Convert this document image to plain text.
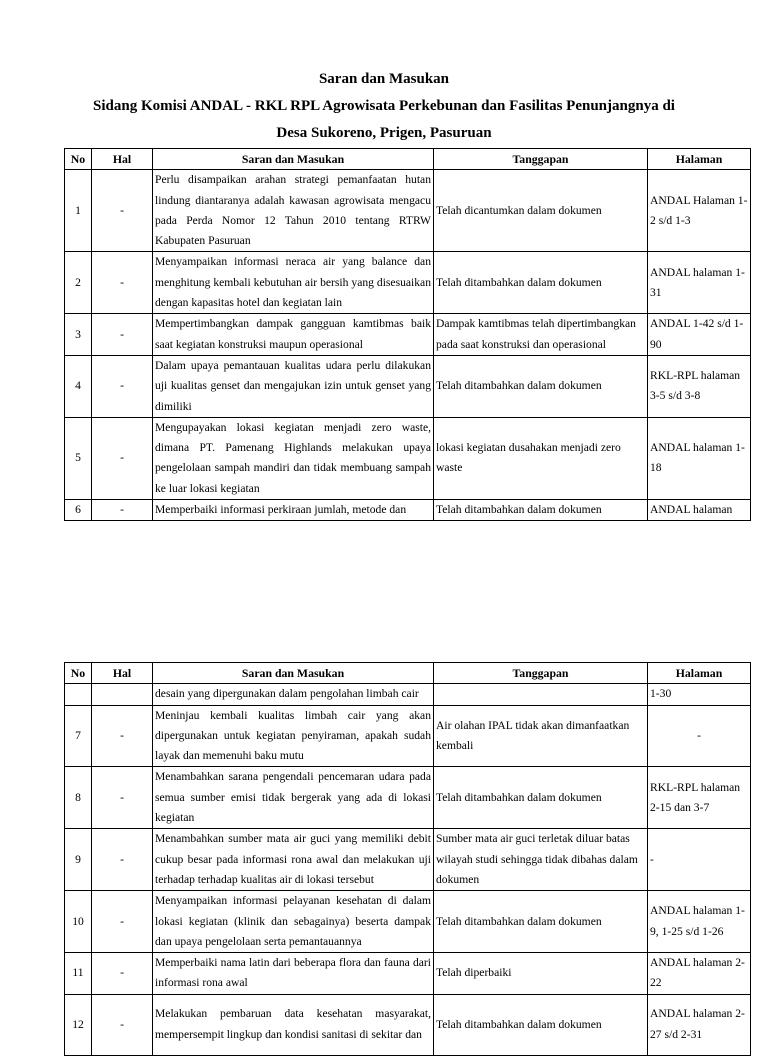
Saran dan Masukan
Sidang Komisi ANDAL - RKL RPL Agrowisata Perkebunan dan Fasilitas Penunjangnya di
Desa Sukoreno, Prigen, Pasuruan
No	Hal	Saran dan Masukan	Tanggapan	Halaman
1	-	Perlu disampaikan arahan strategi pemanfaatan hutan lindung diantaranya adalah kawasan agrowisata mengacu pada Perda Nomor 12 Tahun 2010 tentang RTRW Kabupaten Pasuruan	Telah dicantumkan dalam dokumen	ANDAL Halaman 1-2 s/d 1-3
2	-	Menyampaikan informasi neraca air yang balance dan menghitung kembali kebutuhan air bersih yang disesuaikan dengan kapasitas hotel dan kegiatan lain	Telah ditambahkan dalam dokumen	ANDAL halaman 1-31
3	-	Mempertimbangkan dampak gangguan kamtibmas baik saat kegiatan konstruksi maupun operasional	Dampak kamtibmas telah dipertimbangkan pada saat konstruksi dan operasional	ANDAL 1-42 s/d 1-90
4	-	Dalam upaya pemantauan kualitas udara perlu dilakukan uji kualitas genset dan mengajukan izin untuk genset yang dimiliki	Telah ditambahkan dalam dokumen	RKL-RPL halaman 3-5 s/d 3-8
5	-	Mengupayakan lokasi kegiatan menjadi zero waste, dimana PT. Pamenang Highlands melakukan upaya pengelolaan sampah mandiri dan tidak membuang sampah ke luar lokasi kegiatan	lokasi kegiatan dusahakan menjadi zero waste	ANDAL halaman 1-18
6	-	Memperbaiki informasi perkiraan jumlah, metode dan	Telah ditambahkan dalam dokumen	ANDAL halaman
No	Hal	Saran dan Masukan	Tanggapan	Halaman
		desain yang dipergunakan dalam pengolahan limbah cair		1-30
7	-	Meninjau kembali kualitas limbah cair yang akan dipergunakan untuk kegiatan penyiraman, apakah sudah layak dan memenuhi baku mutu	Air olahan IPAL tidak akan dimanfaatkan kembali	-
8	-	Menambahkan sarana pengendali pencemaran udara pada semua sumber emisi tidak bergerak yang ada di lokasi kegiatan	Telah ditambahkan dalam dokumen	RKL-RPL halaman 2-15 dan 3-7
9	-	Menambahkan sumber mata air guci yang memiliki debit cukup besar pada informasi rona awal dan melakukan uji terhadap terhadap kualitas air di lokasi tersebut	Sumber mata air guci terletak diluar batas wilayah studi sehingga tidak dibahas dalam dokumen	-
10	-	Menyampaikan informasi pelayanan kesehatan di dalam lokasi kegiatan (klinik dan sebagainya) beserta dampak dan upaya pengelolaan serta pemantauannya	Telah ditambahkan dalam dokumen	ANDAL halaman 1-9, 1-25 s/d 1-26
11	-	Memperbaiki nama latin dari beberapa flora dan fauna dari informasi rona awal	Telah diperbaiki	ANDAL halaman 2-22
12	-	Melakukan pembaruan data kesehatan masyarakat, mempersempit lingkup dan kondisi sanitasi di sekitar dan	Telah ditambahkan dalam dokumen	ANDAL halaman 2-27 s/d 2-31
